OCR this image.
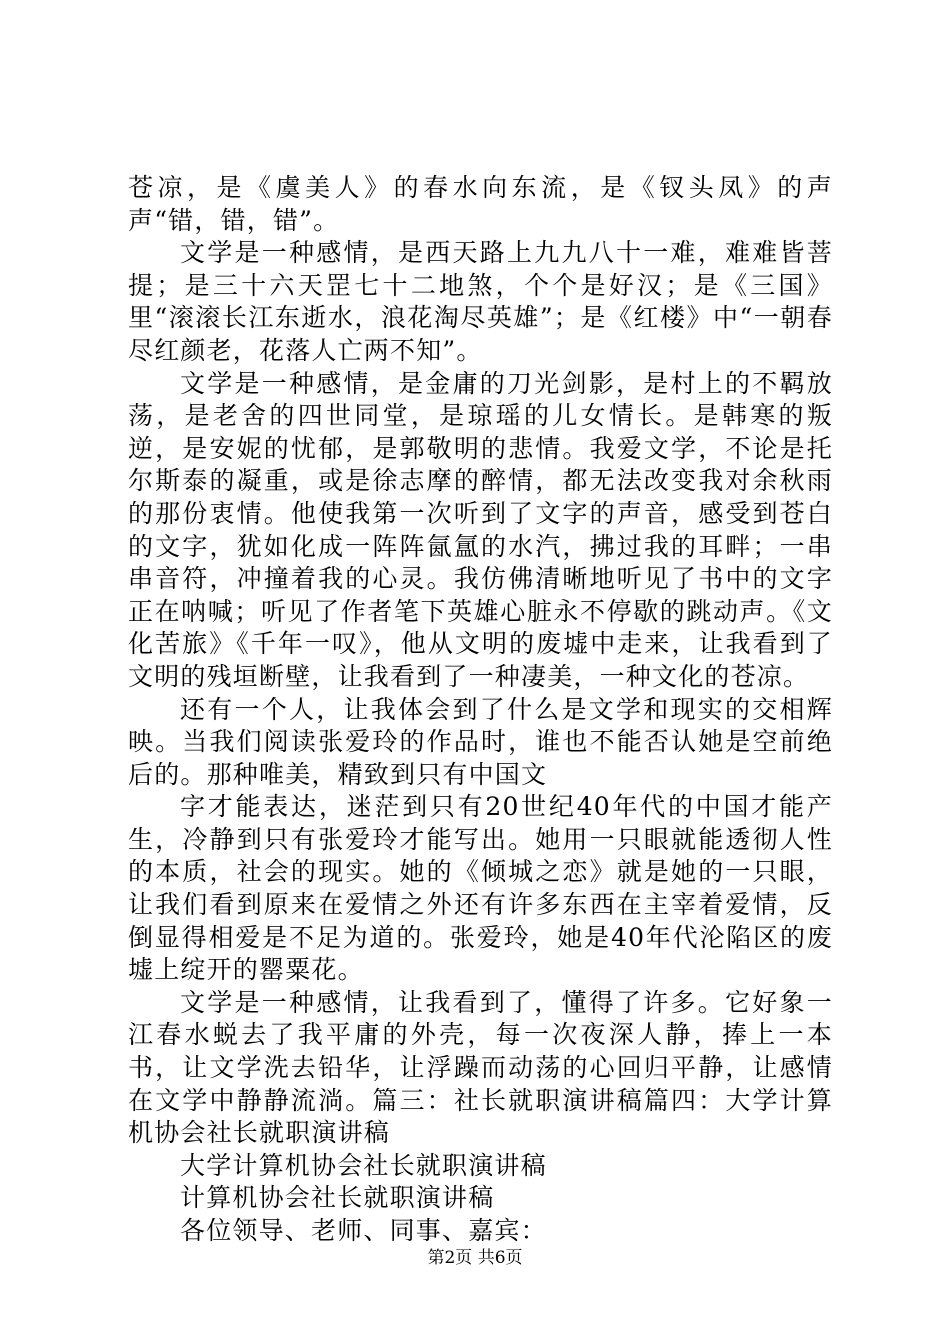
苍凉，是《虞美人》的春水向东流，是《钗头凤》的声声“错，错，错”。

文学是一种感情，是西天路上九九八十一难，难难皆菩提；是三十六天罡七十二地煞，个个是好汉；是《三国》里“滚滚长江东逝水，浪花淘尽英雄”；是《红楼》中“一朝春尽红颜老，花落人亡两不知”。

文学是一种感情，是金庸的刀光剑影，是村上的不羁放荡，是老舍的四世同堂，是琼瑶的儿女情长。是韩寒的叛逆，是安妮的忧郁，是郭敬明的悲情。我爱文学，不论是托尔斯泰的凝重，或是徐志摩的醉情，都无法改变我对余秋雨的那份衷情。他使我第一次听到了文字的声音，感受到苍白的文字，犹如化成一阵阵氤氲的水汽，拂过我的耳畔；一串串音符，冲撞着我的心灵。我仿佛清晰地听见了书中的文字正在呐喊；听见了作者笔下英雄心脏永不停歇的跳动声。《文化苦旅》《千年一叹》，他从文明的废墟中走来，让我看到了文明的残垣断壁，让我看到了一种凄美，一种文化的苍凉。

还有一个人，让我体会到了什么是文学和现实的交相辉映。当我们阅读张爱玲的作品时，谁也不能否认她是空前绝后的。那种唯美，精致到只有中国文

字才能表达，迷茫到只有20世纪40年代的中国才能产生，冷静到只有张爱玲才能写出。她用一只眼就能透彻人性的本质，社会的现实。她的《倾城之恋》就是她的一只眼，让我们看到原来在爱情之外还有许多东西在主宰着爱情，反倒显得相爱是不足为道的。张爱玲，她是40年代沦陷区的废墟上绽开的罂粟花。

文学是一种感情，让我看到了，懂得了许多。它好象一江春水蜕去了我平庸的外壳，每一次夜深人静，捧上一本书，让文学洗去铅华，让浮躁而动荡的心回归平静，让感情在文学中静静流淌。篇三：社长就职演讲稿篇四：大学计算机协会社长就职演讲稿

大学计算机协会社长就职演讲稿

计算机协会社长就职演讲稿

各位领导、老师、同事、嘉宾：

第2页 共6页
